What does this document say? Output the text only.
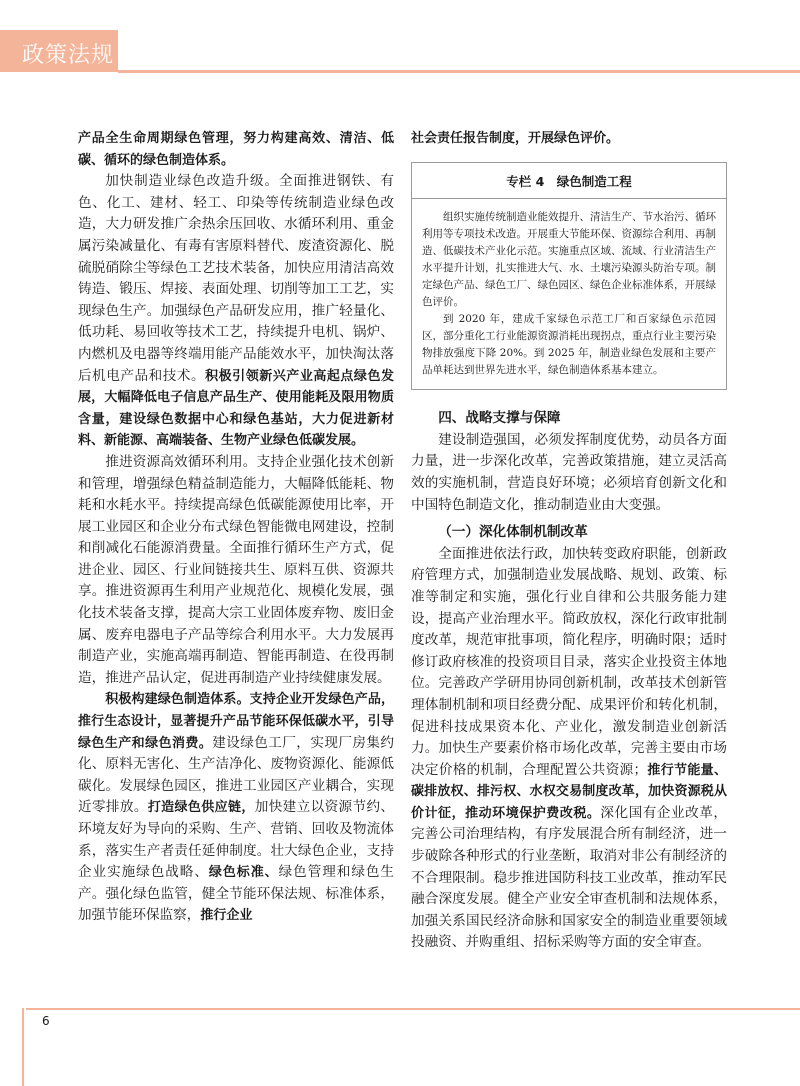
政策法规

产品全生命周期绿色管理，努力构建高效、清洁、低碳、循环的绿色制造体系。

加快制造业绿色改造升级。全面推进钢铁、有色、化工、建材、轻工、印染等传统制造业绿色改造，大力研发推广余热余压回收、水循环利用、重金属污染减量化、有毒有害原料替代、废渣资源化、脱硫脱硝除尘等绿色工艺技术装备，加快应用清洁高效铸造、锻压、焊接、表面处理、切削等加工工艺，实现绿色生产。加强绿色产品研发应用，推广轻量化、低功耗、易回收等技术工艺，持续提升电机、锅炉、内燃机及电器等终端用能产品能效水平，加快淘汰落后机电产品和技术。积极引领新兴产业高起点绿色发展，大幅降低电子信息产品生产、使用能耗及限用物质含量，建设绿色数据中心和绿色基站，大力促进新材料、新能源、高端装备、生物产业绿色低碳发展。

推进资源高效循环利用。支持企业强化技术创新和管理，增强绿色精益制造能力，大幅降低能耗、物耗和水耗水平。持续提高绿色低碳能源使用比率，开展工业园区和企业分布式绿色智能微电网建设，控制和削减化石能源消费量。全面推行循环生产方式，促进企业、园区、行业间链接共生、原料互供、资源共享。推进资源再生利用产业规范化、规模化发展，强化技术装备支撑，提高大宗工业固体废弃物、废旧金属、废弃电器电子产品等综合利用水平。大力发展再制造产业，实施高端再制造、智能再制造、在役再制造，推进产品认定，促进再制造产业持续健康发展。

积极构建绿色制造体系。支持企业开发绿色产品，推行生态设计，显著提升产品节能环保低碳水平，引导绿色生产和绿色消费。建设绿色工厂，实现厂房集约化、原料无害化、生产洁净化、废物资源化、能源低碳化。发展绿色园区，推进工业园区产业耦合，实现近零排放。打造绿色供应链，加快建立以资源节约、环境友好为导向的采购、生产、营销、回收及物流体系，落实生产者责任延伸制度。壮大绿色企业，支持企业实施绿色战略、绿色标准、绿色管理和绿色生产。强化绿色监管，健全节能环保法规、标准体系，加强节能环保监察，推行企业

社会责任报告制度，开展绿色评价。

专栏 4　绿色制造工程

组织实施传统制造业能效提升、清洁生产、节水治污、循环利用等专项技术改造。开展重大节能环保、资源综合利用、再制造、低碳技术产业化示范。实施重点区域、流域、行业清洁生产水平提升计划，扎实推进大气、水、土壤污染源头防治专项。制定绿色产品、绿色工厂、绿色园区、绿色企业标准体系，开展绿色评价。

到 2020 年，建成千家绿色示范工厂和百家绿色示范园区，部分重化工行业能源资源消耗出现拐点，重点行业主要污染物排放强度下降 20%。到 2025 年，制造业绿色发展和主要产品单耗达到世界先进水平，绿色制造体系基本建立。

四、战略支撑与保障

建设制造强国，必须发挥制度优势，动员各方面力量，进一步深化改革，完善政策措施，建立灵活高效的实施机制，营造良好环境；必须培育创新文化和中国特色制造文化，推动制造业由大变强。

（一）深化体制机制改革

全面推进依法行政，加快转变政府职能，创新政府管理方式，加强制造业发展战略、规划、政策、标准等制定和实施，强化行业自律和公共服务能力建设，提高产业治理水平。简政放权，深化行政审批制度改革，规范审批事项，简化程序，明确时限；适时修订政府核准的投资项目目录，落实企业投资主体地位。完善政产学研用协同创新机制，改革技术创新管理体制机制和项目经费分配、成果评价和转化机制，促进科技成果资本化、产业化，激发制造业创新活力。加快生产要素价格市场化改革，完善主要由市场决定价格的机制，合理配置公共资源；推行节能量、碳排放权、排污权、水权交易制度改革，加快资源税从价计征，推动环境保护费改税。深化国有企业改革，完善公司治理结构，有序发展混合所有制经济，进一步破除各种形式的行业垄断，取消对非公有制经济的不合理限制。稳步推进国防科技工业改革，推动军民融合深度发展。健全产业安全审查机制和法规体系，加强关系国民经济命脉和国家安全的制造业重要领域投融资、并购重组、招标采购等方面的安全审查。

6
